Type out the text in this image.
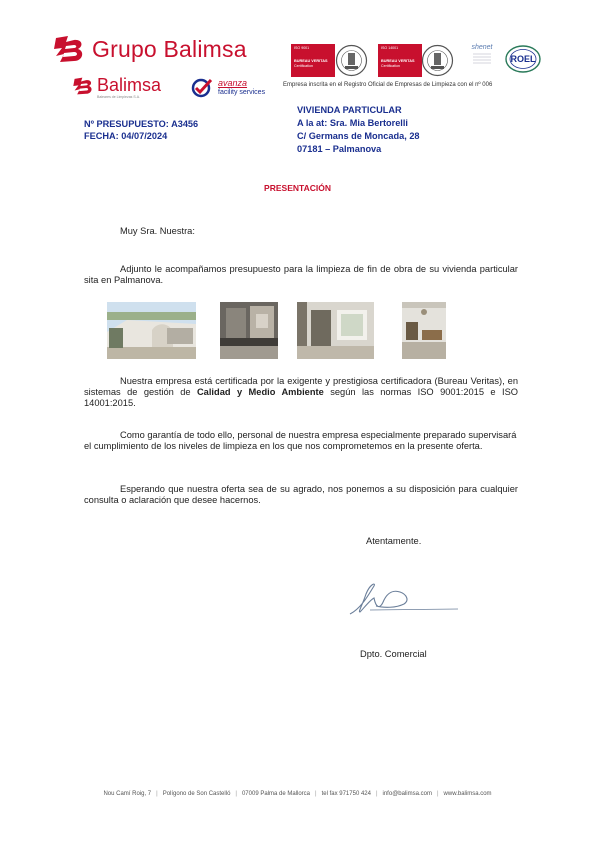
Grupo Balimsa
Balimsa
Baleares de Limpiezas S.A.
avanza
facility services
ISO 9001
BUREAU VERITAS
Certification
ISO 14001
BUREAU VERITAS
Certification
shenet
ROEL
Empresa inscrita en el Registro Oficial de Empresas de Limpieza con el nº 006
Nº PRESUPUESTO: A3456
FECHA: 04/07/2024
VIVIENDA PARTICULAR
A la at: Sra. Mia Bertorelli
C/ Germans de Moncada, 28
07181 – Palmanova
PRESENTACIÓN
Muy Sra. Nuestra:
Adjunto le acompañamos presupuesto para la limpieza de fin de obra de su vivienda particular sita en Palmanova.
Nuestra empresa está certificada por la exigente y prestigiosa certificadora (Bureau Veritas), en sistemas de gestión de Calidad y Medio Ambiente según las normas ISO 9001:2015 e ISO 14001:2015.
Como garantía de todo ello, personal de nuestra empresa especialmente preparado supervisará el cumplimiento de los niveles de limpieza en los que nos comprometemos en la presente oferta.
Esperando que nuestra oferta sea de su agrado, nos ponemos a su disposición para cualquier consulta o aclaración que desee hacernos.
Atentamente.
Dpto. Comercial
Nou Camí Roig, 7 | Polígono de Son Castelló | 07009 Palma de Mallorca | tel fax 971750 424 | info@balimsa.com | www.balimsa.com
